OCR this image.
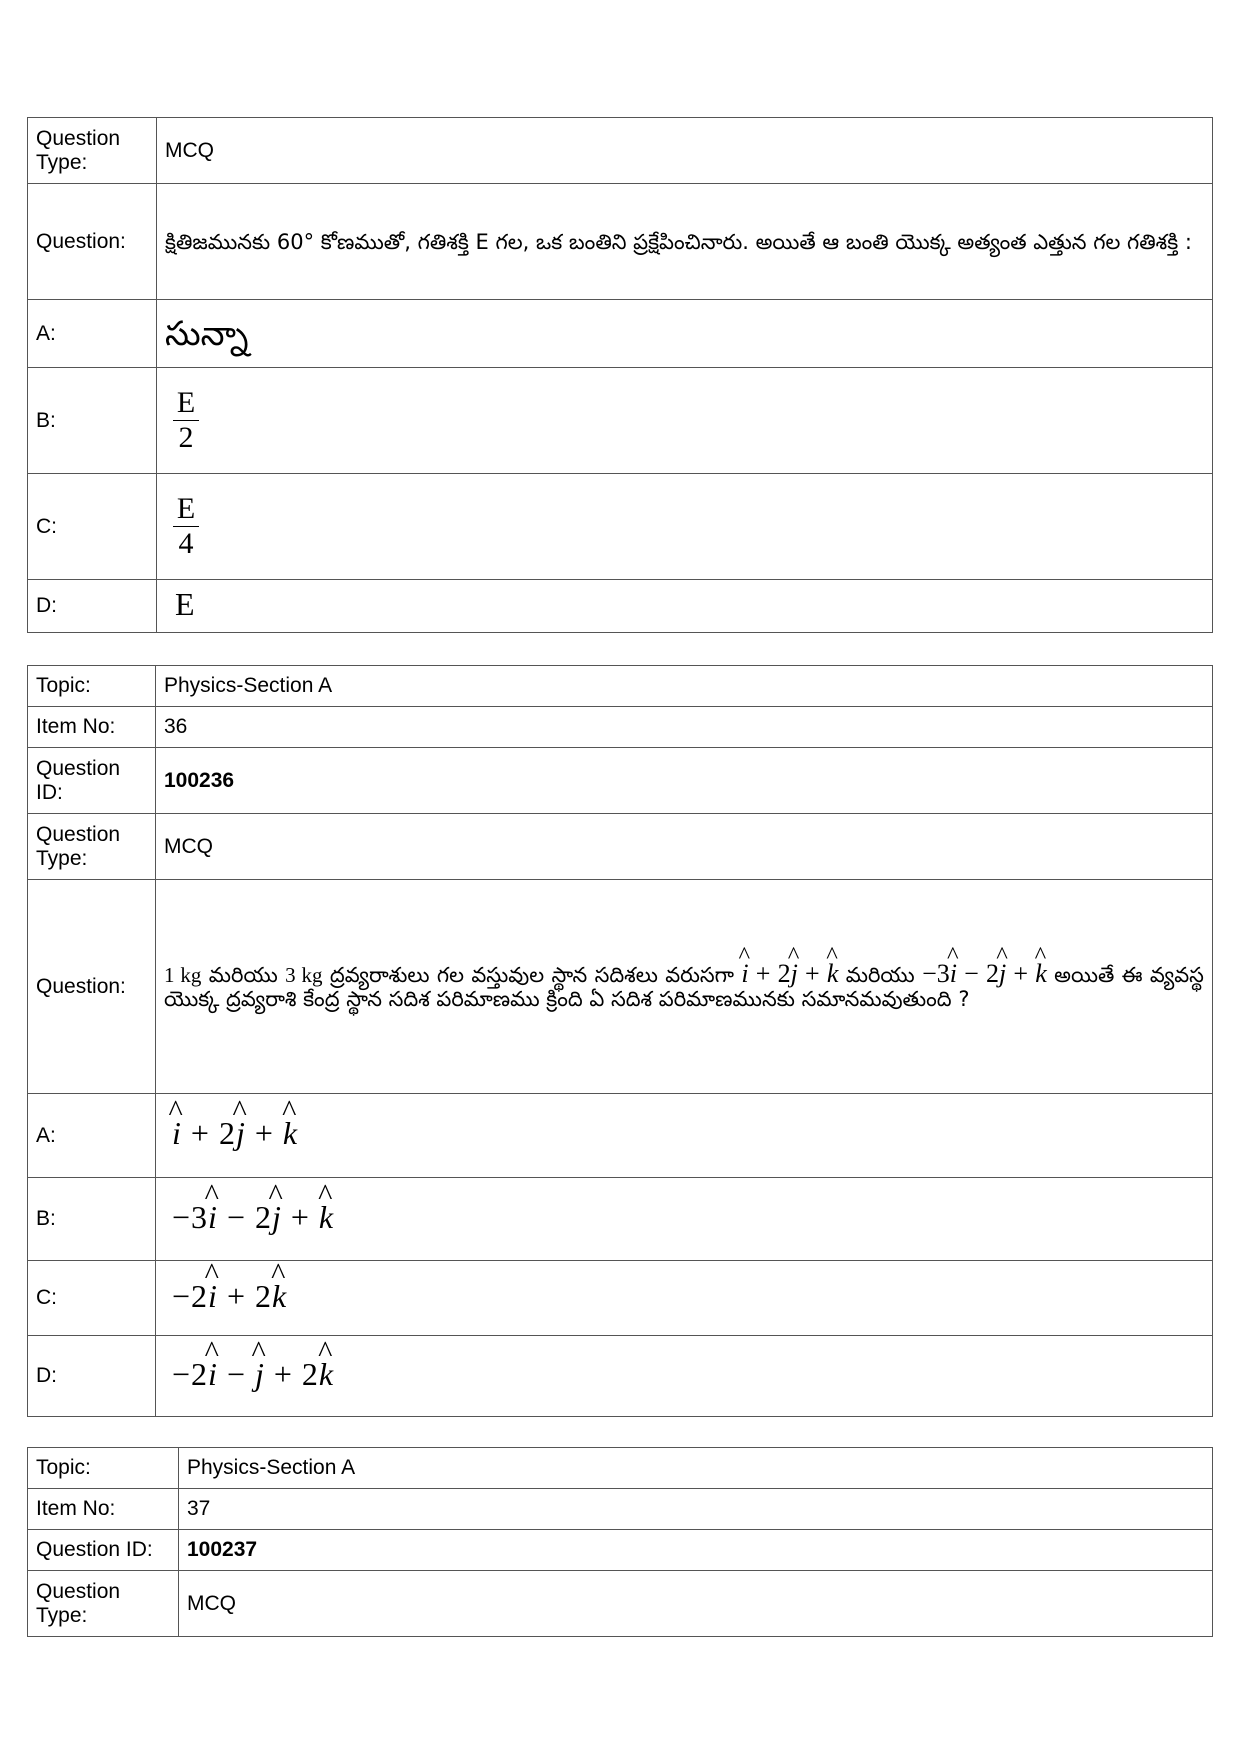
Question Type:	MCQ
Question:	క్షితిజమునకు 60° కోణముతో, గతిశక్తి E గల, ఒక బంతిని ప్రక్షేపించినారు. అయితే ఆ బంతి యొక్క అత్యంత ఎత్తున గల గతిశక్తి :
A:	సున్నా
B:	$\frac{E}{2}$

C:	$\frac{E}{4}$

D:	E
Topic:	Physics-Section A
Item No:	36
Question ID:	100236
Question Type:	MCQ
Question:	1 kg మరియు 3 kg ద్రవ్యరాశులు గల వస్తువుల స్థాన సదిశలు వరుసగా ^ i + 2^ j + ^ k మరియు −3^ i − 2^ j + ^ k అయితే ఈ వ్యవస్థ యొక్క ద్రవ్యరాశి కేంద్ర స్థాన సదిశ పరిమాణము క్రింది ఏ సదిశ పరిమాణమునకు సమానమవుతుంది ?
A:	^ i + 2^ j + ^ k
B:	−3^ i − 2^ j + ^ k
C:	−2^ i + 2^ k
D:	−2^ i − ^ j + 2^ k
Topic:	Physics-Section A
Item No:	37
Question ID:	100237
Question Type:	MCQ
